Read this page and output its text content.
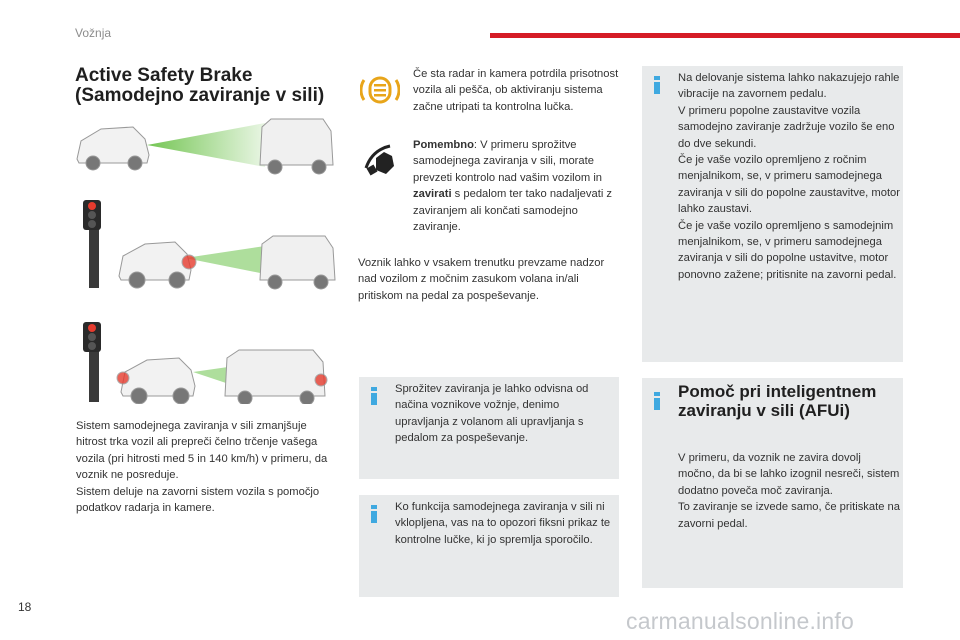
Vožnja
Active Safety Brake
(Samodejno zaviranje v sili)
Sistem samodejnega zaviranja v sili zmanjšuje hitrost trka vozil ali prepreči čelno trčenje vašega vozila (pri hitrosti med 5 in 140 km/h) v primeru, da voznik ne posreduje.
Sistem deluje na zavorni sistem vozila s pomočjo podatkov radarja in kamere.
Če sta radar in kamera potrdila prisotnost vozila ali pešča, ob aktiviranju sistema začne utripati ta kontrolna lučka.
Pomembno: V primeru sprožitve samodejnega zaviranja v sili, morate prevzeti kontrolo nad vašim vozilom in zavirati s pedalom ter tako nadaljevati z zaviranjem ali končati samodejno zaviranje.
Voznik lahko v vsakem trenutku prevzame nadzor nad vozilom z močnim zasukom volana in/ali pritiskom na pedal za pospeševanje.
Sprožitev zaviranja je lahko odvisna od načina voznikove vožnje, denimo upravljanja z volanom ali upravljanja s pedalom za pospeševanje.
Ko funkcija samodejnega zaviranja v sili ni vklopljena, vas na to opozori fiksni prikaz te kontrolne lučke, ki jo spremlja sporočilo.
Na delovanje sistema lahko nakazujejo rahle vibracije na zavornem pedalu.
V primeru popolne zaustavitve vozila samodejno zaviranje zadržuje vozilo še eno do dve sekundi.
Če je vaše vozilo opremljeno z ročnim menjalnikom, se, v primeru samodejnega zaviranja v sili do popolne zaustavitve, motor lahko zaustavi.
Če je vaše vozilo opremljeno s samodejnim menjalnikom, se, v primeru samodejnega zaviranja v sili do popolne ustavitve, motor ponovno zažene; pritisnite na zavorni pedal.
Pomoč pri inteligentnem zaviranju v sili (AFUi)
V primeru, da voznik ne zavira dovolj močno, da bi se lahko izognil nesreči, sistem dodatno poveča moč zaviranja.
To zaviranje se izvede samo, če pritiskate na zavorni pedal.
18
carmanualsonline.info
